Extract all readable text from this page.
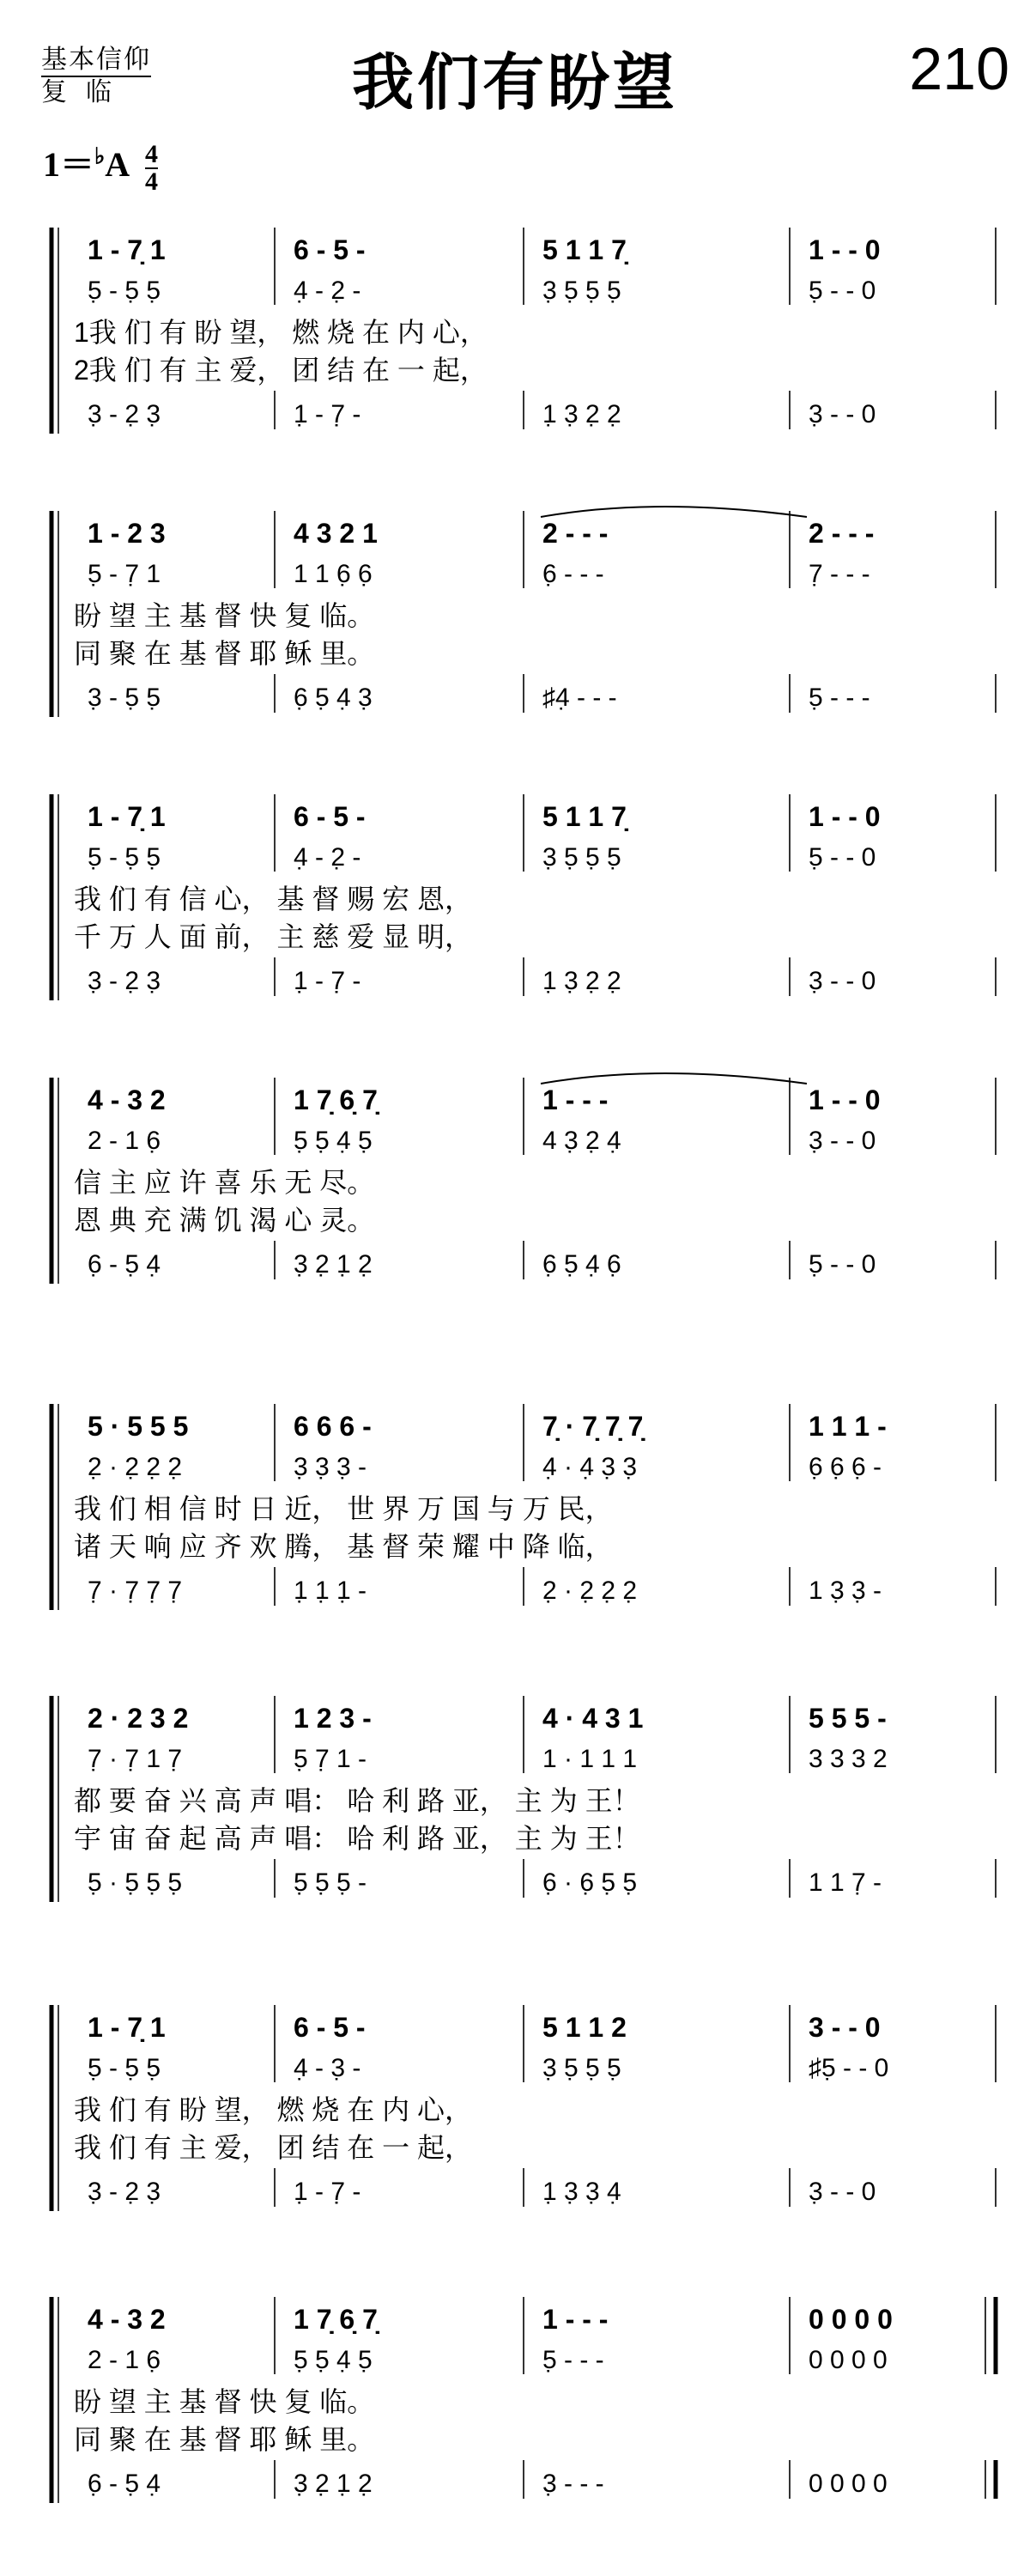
基本信仰
复临	我们有盼望	210
$1=^♭A \frac{4}{4}$
1 - 7̣ 1
5̣ - 5̣ 5̣
3̣ - 2̣ 3̣
6 - 5 -
4̣ - 2̣ -
1̣ - 7̣̣ -
5 1 1 7̣
3̣ 5̣ 5̣ 5̣
1̣ 3̣ 2̣ 2̣
1 - - 0
5̣ - - 0
3̣ - - 0
1我 们 有 盼 望， 燃 烧 在 内 心，
2我 们 有 主 爱， 团 结 在 一 起，
1 - 2 3
5̣ - 7̣ 1
3̣ - 5̣ 5̣
4 3 2 1
1 1 6̣ 6̣
6̣ 5̣ 4̣ 3̣
2 - - -
6̣ - - -
♯4̣ - - -
2 - - -
7̣ - - -
5̣ - - -
盼 望 主 基 督 快 复 临。
同 聚 在 基 督 耶 稣 里。
1 - 7̣ 1
5̣ - 5̣ 5̣
3̣ - 2̣ 3̣
6 - 5 -
4̣ - 2̣ -
1̣ - 7̣̣ -
5 1 1 7̣
3̣ 5̣ 5̣ 5̣
1̣ 3̣ 2̣ 2̣
1 - - 0
5̣ - - 0
3̣ - - 0
我 们 有 信 心， 基 督 赐 宏 恩，
千 万 人 面 前， 主 慈 爱 显 明，
4 - 3 2
2 - 1 6̣
6̣ - 5̣ 4̣
1 7̣ 6̣ 7̣
5̣ 5̣ 4̣ 5̣
3̣ 2̣ 1̣ 2̣
1 - - -
4 3̣ 2̣ 4̣
6̣ 5̣ 4̣ 6̣
1 - - 0
3̣ - - 0
5̣ - - 0
信 主 应 许 喜 乐 无 尽。
恩 典 充 满 饥 渴 心 灵。
5 · 5 5 5
2̣ · 2̣ 2̣ 2̣
7̣ · 7̣ 7̣ 7̣
6 6 6 -
3̣ 3̣ 3̣ -
1̣ 1̣ 1̣ -
7̣ · 7̣ 7̣ 7̣
4̣ · 4̣ 3̣ 3̣
2̣ · 2̣ 2̣ 2̣
1 1 1 -
6̣ 6̣ 6̣ -
1 3̣ 3̣ -
我 们 相 信 时 日 近， 世 界 万 国 与 万 民，
诸 天 响 应 齐 欢 腾， 基 督 荣 耀 中 降 临，
2 · 2 3 2
7̣ · 7̣ 1 7̣
5̣ · 5̣ 5̣ 5̣
1 2 3 -
5̣ 7̣ 1 -
5̣ 5̣ 5̣ -
4 · 4 3 1
1 · 1 1 1
6̣ · 6̣ 5̣ 5̣
5 5 5 -
3 3 3 2
1 1 7̣ -
都 要 奋 兴 高 声 唱： 哈 利 路 亚， 主 为 王！
宇 宙 奋 起 高 声 唱： 哈 利 路 亚， 主 为 王！
1 - 7̣ 1
5̣ - 5̣ 5̣
3̣ - 2̣ 3̣
6 - 5 -
4̣ - 3̣ -
1̣ - 7̣̣ -
5 1 1 2
3̣ 5̣ 5̣ 5̣
1̣ 3̣ 3̣ 4̣
3 - - 0
♯5̣ - - 0
3̣ - - 0
我 们 有 盼 望， 燃 烧 在 内 心，
我 们 有 主 爱， 团 结 在 一 起，
4 - 3 2
2 - 1 6̣
6̣ - 5̣ 4̣
1 7̣ 6̣ 7̣
5̣ 5̣ 4̣ 5̣
3̣ 2̣ 1̣ 2̣
1 - - -
5̣ - - -
3̣ - - -
0 0 0 0
0 0 0 0
0 0 0 0
盼 望 主 基 督 快 复 临。
同 聚 在 基 督 耶 稣 里。
